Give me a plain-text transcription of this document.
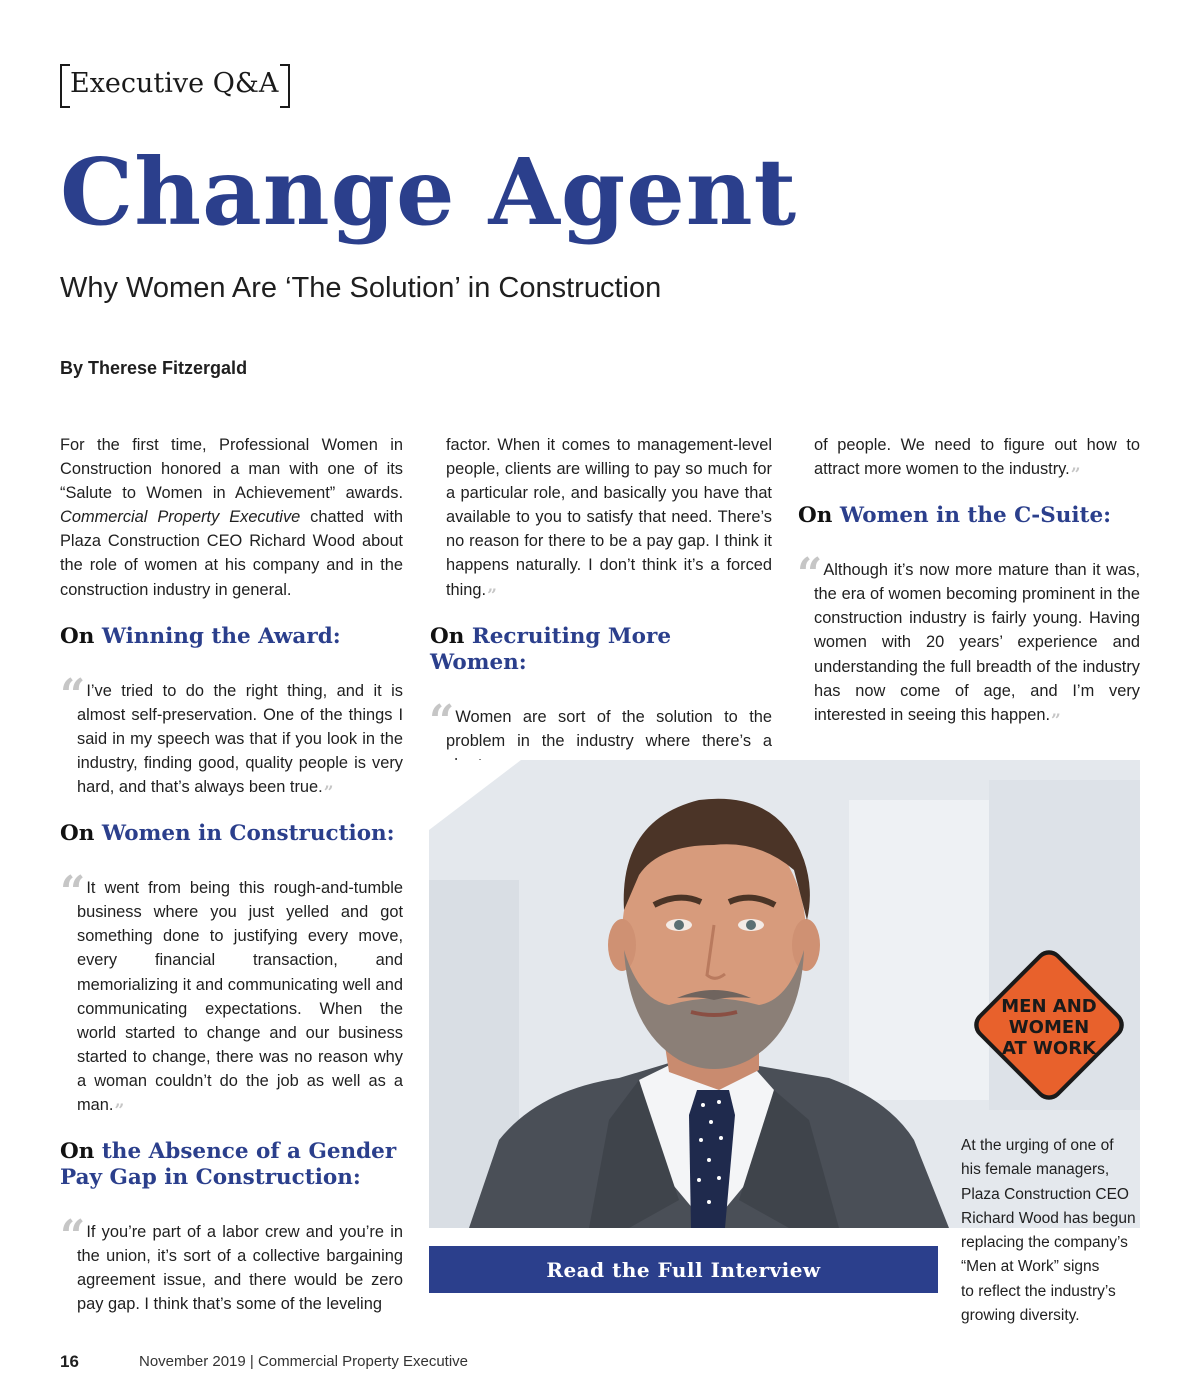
Executive Q&A
Change Agent
Why Women Are ‘The Solution’ in Construction
By Therese Fitzergald

For the first time, Professional Women in Construction honored a man with one of its “Salute to Women in Achievement” awards. Commercial Property Executive chatted with Plaza Construction CEO Richard Wood about the role of women at his company and in the construction industry in general.

On Winning the Award:

“I’ve tried to do the right thing, and it is almost self-preservation. One of the things I said in my speech was that if you look in the industry, finding good, quality people is very hard, and that’s always been true.”

On Women in Construction:

“It went from being this rough-and-tumble business where you just yelled and got something done to justifying every move, every financial transaction, and memorializing it and communicating well and communicating expectations. When the world started to change and our business started to change, there was no reason why a woman couldn’t do the job as well as a man.”

On the Absence of a Gender Pay Gap in Construction:

“If you’re part of a labor crew and you’re in the union, it’s sort of a collective bargaining agreement issue, and there would be zero pay gap. I think that’s some of the leveling

factor. When it comes to management-level people, clients are willing to pay so much for a particular role, and basically you have that available to you to satisfy that need. There’s no reason for there to be a pay gap. I think it happens naturally. I don’t think it’s a forced thing.”

On Recruiting More Women:

“Women are sort of the solution to the problem in the industry where there’s a

of people. We need to figure out how to attract more women to the industry.”

On Women in the C-Suite:

“Although it’s now more mature than it was, the era of women becoming prominent in the construction industry is fairly young. Having women with 20 years’ experience and understanding the full breadth of the industry has now come of age, and I’m very interested in seeing this happen.”

MEN AND
WOMEN
AT WORK
Read the Full Interview
At the urging of one of
his female managers,
Plaza Construction CEO
Richard Wood has begun
replacing the company’s
“Men at Work” signs
to reflect the industry’s
growing diversity.
16	November 2019 | Commercial Property Executive
